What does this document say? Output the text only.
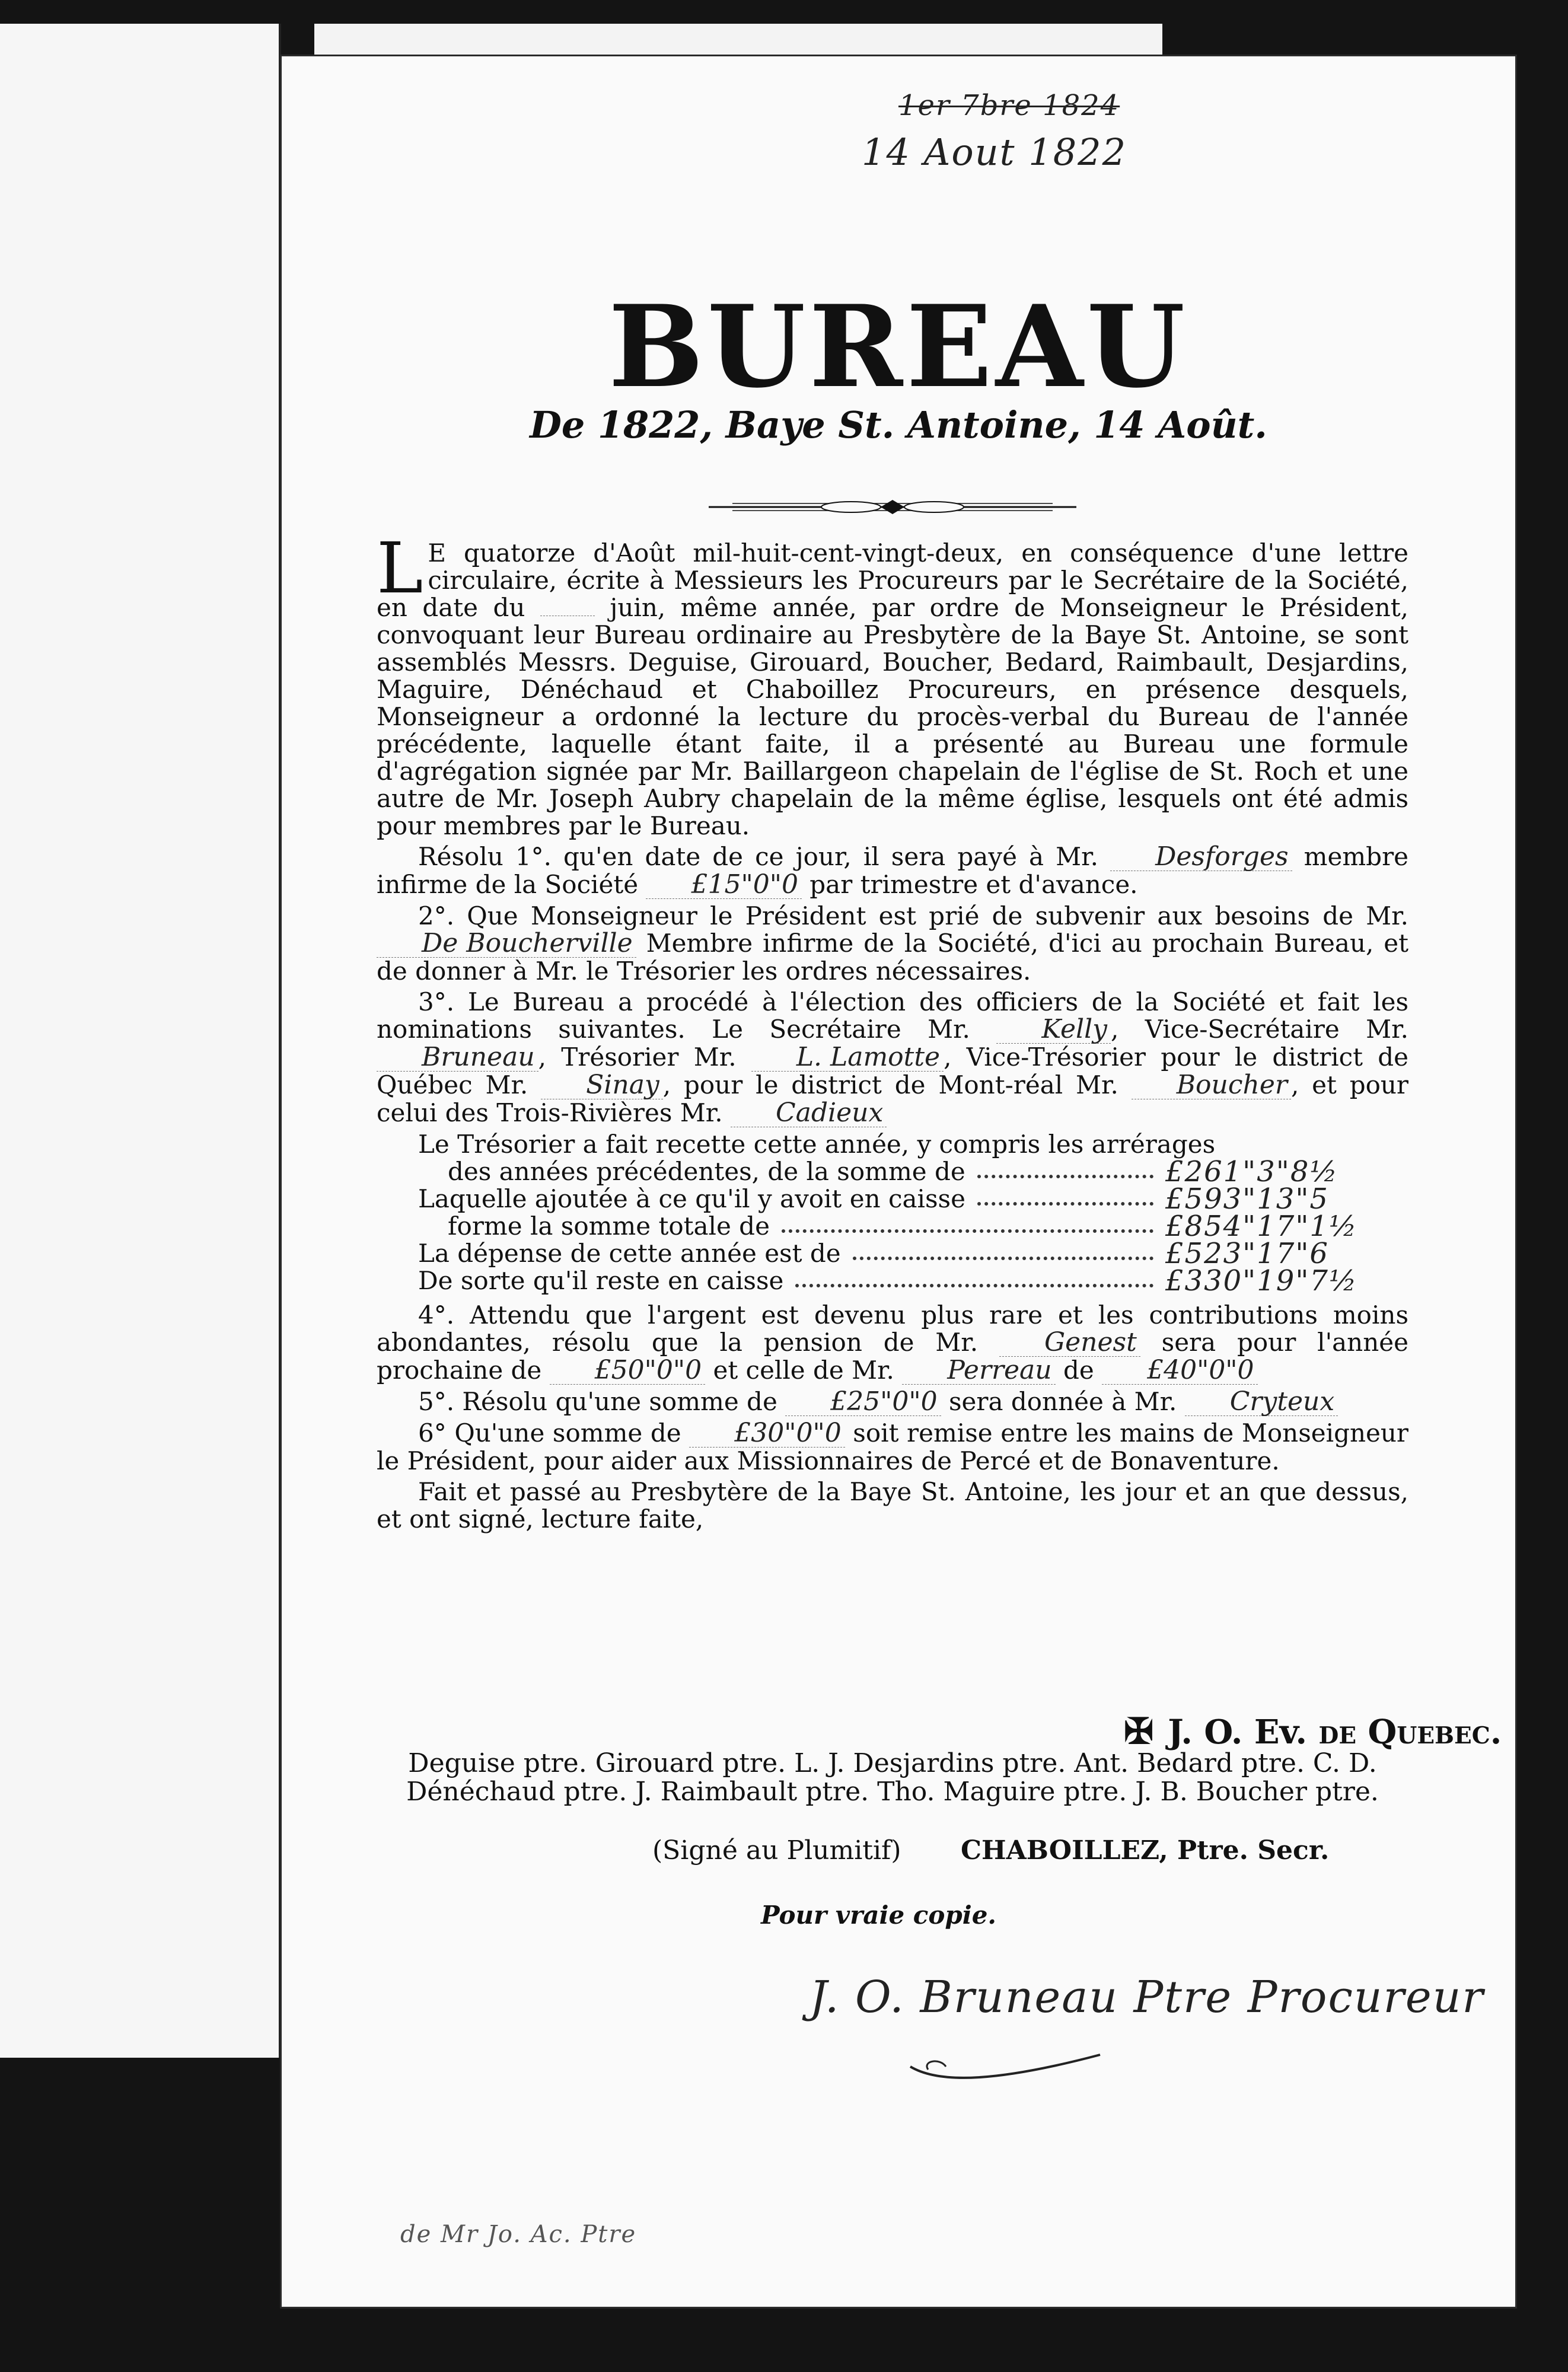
1er 7bre 1824
14 Aout 1822
BUREAU
De 1822, Baye St. Antoine, 14 Août.

L E quatorze d'Août mil-huit-cent-vingt-deux, en conséquence d'une lettre circulaire, écrite à Messieurs les Procureurs par le Secrétaire de la Société, en date du	juin, même année, par ordre de Monseigneur le Président, convoquant leur Bureau ordinaire au Presbytère de la Baye St. Antoine, se sont assemblés Messrs. Deguise, Girouard, Boucher, Bedard, Raimbault, Desjardins, Maguire, Dénéchaud et Chaboillez Procureurs, en présence desquels, Monseigneur a ordonné la lecture du procès-verbal du Bureau de l'année précédente, laquelle étant faite, il a présenté au Bureau une formule d'agrégation signée par Mr. Baillargeon chapelain de l'église de St. Roch et une autre de Mr. Joseph Aubry chapelain de la même église, lesquels ont été admis pour membres par le Bureau.

Résolu 1°. qu'en date de ce jour, il sera payé à Mr. Desforges membre infirme de la Société £15"0"0 par trimestre et d'avance.

2°. Que Monseigneur le Président est prié de subvenir aux besoins de Mr. De Boucherville Membre infirme de la Société, d'ici au prochain Bureau, et de donner à Mr. le Trésorier les ordres nécessaires.

3°. Le Bureau a procédé à l'élection des officiers de la Société et fait les nominations suivantes. Le Secrétaire Mr.	Kelly , Vice-Secrétaire Mr. Bruneau , Trésorier Mr. L. Lamotte , Vice-Trésorier pour le district de Québec Mr. Sinay , pour le district de Mont-réal Mr. Boucher , et pour celui des Trois-Rivières Mr. Cadieux

Le Trésorier a fait recette cette année, y compris les arrérages
des années précédentes, de la somme de	£261"3"8½
Laquelle ajoutée à ce qu'il y avoit en caisse	£593"13"5
forme la somme totale de	£854"17"1½
La dépense de cette année est de	£523"17"6
De sorte qu'il reste en caisse	£330"19"7½

4°. Attendu que l'argent est devenu plus rare et les contributions moins abondantes, résolu que la pension de Mr.	Genest sera pour l'année prochaine de £50"0"0 et celle de Mr. Perreau de £40"0"0

5°. Résolu qu'une somme de £25"0"0 sera donnée à Mr. Cryteux

6° Qu'une somme de £30"0"0 soit remise entre les mains de Monseigneur le Président, pour aider aux Missionnaires de Percé et de Bonaventure.

Fait et passé au Presbytère de la Baye St. Antoine, les jour et an que dessus, et ont signé, lecture faite,

✠ J. O. Ev. de Quebec.

Deguise ptre. Girouard ptre. L. J. Desjardins ptre. Ant. Bedard ptre. C. D.
Dénéchaud ptre. J. Raimbault ptre. Tho. Maguire ptre. J. B. Boucher ptre.

(Signé au Plumitif) CHABOILLEZ, Ptre. Secr.

Pour vraie copie.

J. O. Bruneau Ptre Procureur
de Mr Jo. Ac. Ptre
